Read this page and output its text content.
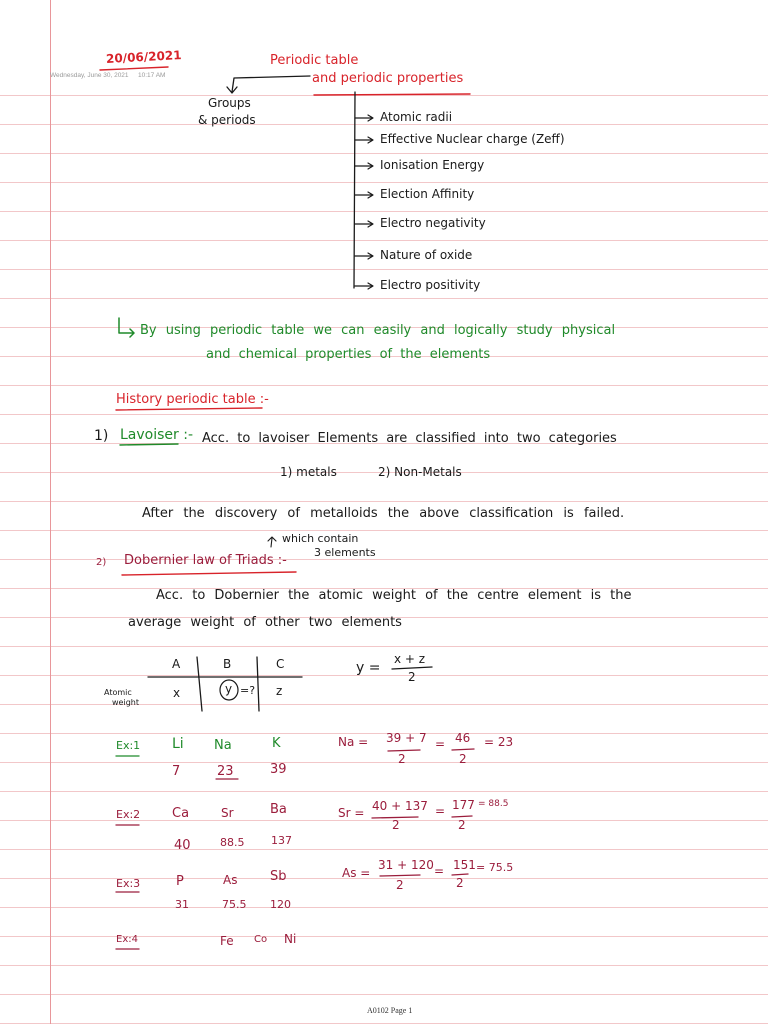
20/06/2021
Wednesday, June 30, 2021 10:17 AM
Periodic table
and periodic properties
Groups
& periods	Atomic radii
Effective Nuclear charge (Zeff)
Ionisation Energy
Election Affinity
Electro negativity
Nature of oxide
Electro positivity
By using periodic table we can easily and logically study physical
and chemical properties of the elements
History periodic table :-
1) Lavoiser :- Acc. to lavoiser Elements are classified into two categories
1) metals	2) Non-Metals
After the discovery of metalloids the above classification is failed.
2) Dobernier law of Triads :-
which contain
3 elements
Acc. to Dobernier the atomic weight of the centre element is the
average weight of other two elements
A	B	C
Atomic
weight
x	y =? z
y =
x + z
2
Ex:1 Li Na	K
7	23	39
Na = 39 + 7
2
= 46
2
= 23
Ex:2 Ca	Sr	Ba
40	88.5 137
Sr = 40 + 137
2
= 177
2
= 88.5
Ex:3	P	As	Sb
31	75.5 120
As =
31 + 120
2
= 151
2
= 75.5
Ex:4	Fe Co Ni
A0102 Page 1
